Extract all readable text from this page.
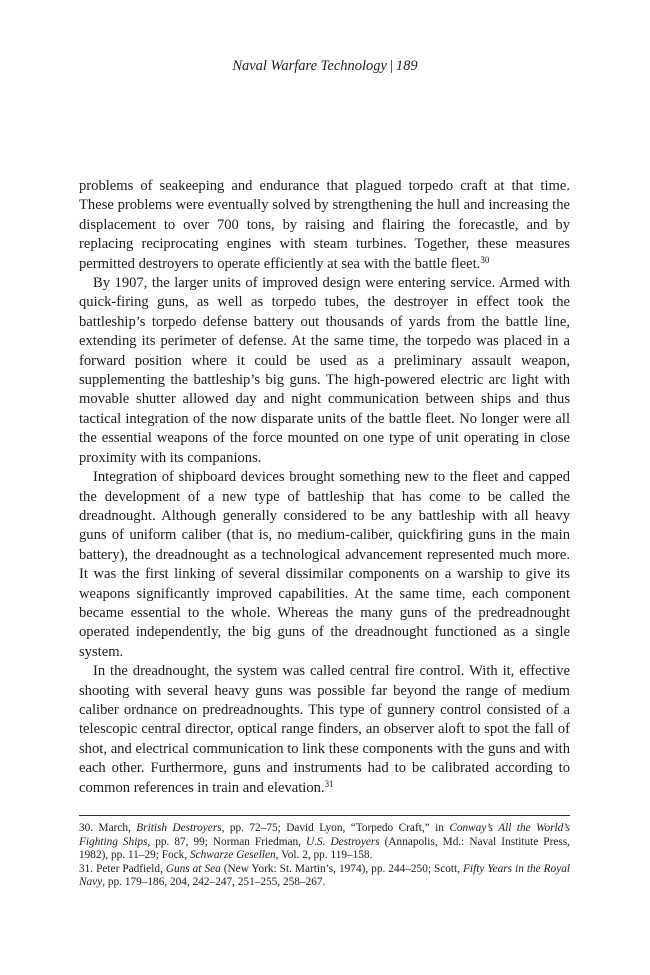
Naval Warfare Technology | 189

problems of seakeeping and endurance that plagued torpedo craft at that time. These problems were eventually solved by strengthening the hull and increasing the displacement to over 700 tons, by raising and flairing the forecastle, and by replacing reciprocating engines with steam turbines. Together, these measures permitted destroyers to operate efficiently at sea with the battle fleet.$^{30}$

By 1907, the larger units of improved design were entering service. Armed with quick-firing guns, as well as torpedo tubes, the destroyer in effect took the battleship’s torpedo defense battery out thousands of yards from the battle line, extending its perimeter of defense. At the same time, the torpedo was placed in a forward position where it could be used as a preliminary assault weapon, supplementing the battleship’s big guns. The high-powered electric arc light with movable shutter allowed day and night communication between ships and thus tactical integration of the now disparate units of the battle fleet. No longer were all the essential weapons of the force mounted on one type of unit operating in close proximity with its companions.

Integration of shipboard devices brought something new to the fleet and capped the development of a new type of battleship that has come to be called the dreadnought. Although generally considered to be any battleship with all heavy guns of uniform caliber (that is, no medium-caliber, quickfiring guns in the main battery), the dreadnought as a technological advancement represented much more. It was the first linking of several dissimilar components on a warship to give its weapons significantly improved capabilities. At the same time, each component became essential to the whole. Whereas the many guns of the predreadnought operated independently, the big guns of the dreadnought functioned as a single system.

In the dreadnought, the system was called central fire control. With it, effective shooting with several heavy guns was possible far beyond the range of medium caliber ordnance on predreadnoughts. This type of gunnery control consisted of a telescopic central director, optical range finders, an observer aloft to spot the fall of shot, and electrical communication to link these components with the guns and with each other. Furthermore, guns and instruments had to be calibrated according to common references in train and elevation.$^{31}$

30. March, British Destroyers, pp. 72–75; David Lyon, “Torpedo Craft,” in Conway’s All the World’s Fighting Ships, pp. 87, 99; Norman Friedman, U.S. Destroyers (Annapolis, Md.: Naval Institute Press, 1982), pp. 11–29; Fock, Schwarze Gesellen, Vol. 2, pp. 119–158.

31. Peter Padfield, Guns at Sea (New York: St. Martin’s, 1974), pp. 244–250; Scott, Fifty Years in the Royal Navy, pp. 179–186, 204, 242–247, 251–255, 258–267.
